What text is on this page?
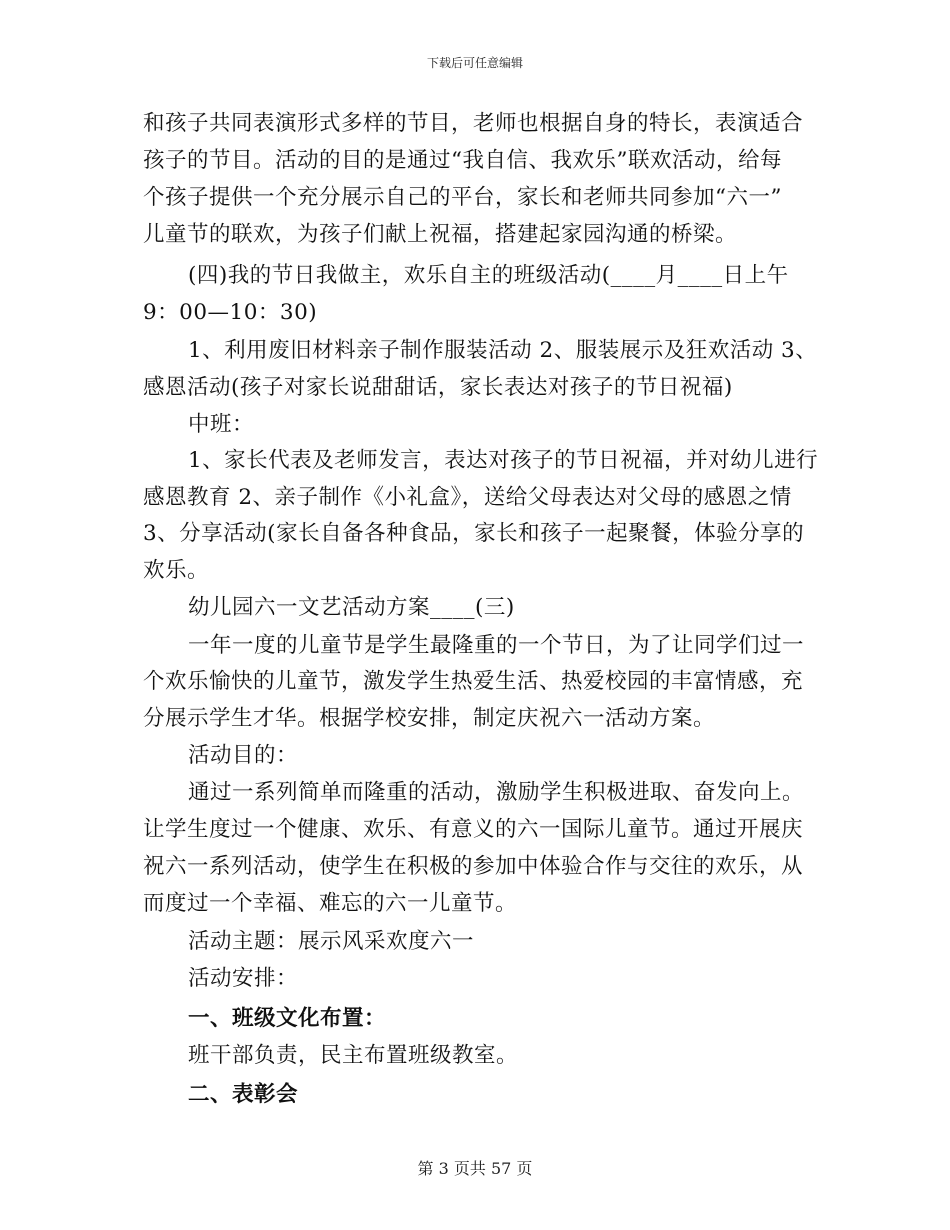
下载后可任意编辑
和孩子共同表演形式多样的节目，老师也根据自身的特长，表演适合
孩子的节目。活动的目的是通过“我自信、我欢乐”联欢活动，给每
个孩子提供一个充分展示自己的平台，家长和老师共同参加“六一”
儿童节的联欢，为孩子们献上祝福，搭建起家园沟通的桥梁。
(四)我的节日我做主，欢乐自主的班级活动(____月____日上午
9：00—10：30)
1、利用废旧材料亲子制作服装活动 2、服装展示及狂欢活动 3、
感恩活动(孩子对家长说甜甜话，家长表达对孩子的节日祝福)
中班：
1、家长代表及老师发言，表达对孩子的节日祝福，并对幼儿进行
感恩教育 2、亲子制作《小礼盒》，送给父母表达对父母的感恩之情
3、分享活动(家长自备各种食品，家长和孩子一起聚餐，体验分享的
欢乐。
幼儿园六一文艺活动方案____(三)
一年一度的儿童节是学生最隆重的一个节日，为了让同学们过一
个欢乐愉快的儿童节，激发学生热爱生活、热爱校园的丰富情感，充
分展示学生才华。根据学校安排，制定庆祝六一活动方案。
活动目的：
通过一系列简单而隆重的活动，激励学生积极进取、奋发向上。
让学生度过一个健康、欢乐、有意义的六一国际儿童节。通过开展庆
祝六一系列活动，使学生在积极的参加中体验合作与交往的欢乐，从
而度过一个幸福、难忘的六一儿童节。
活动主题：展示风采欢度六一
活动安排：
一、班级文化布置：
班干部负责，民主布置班级教室。
二、表彰会
第 3 页共 57 页
